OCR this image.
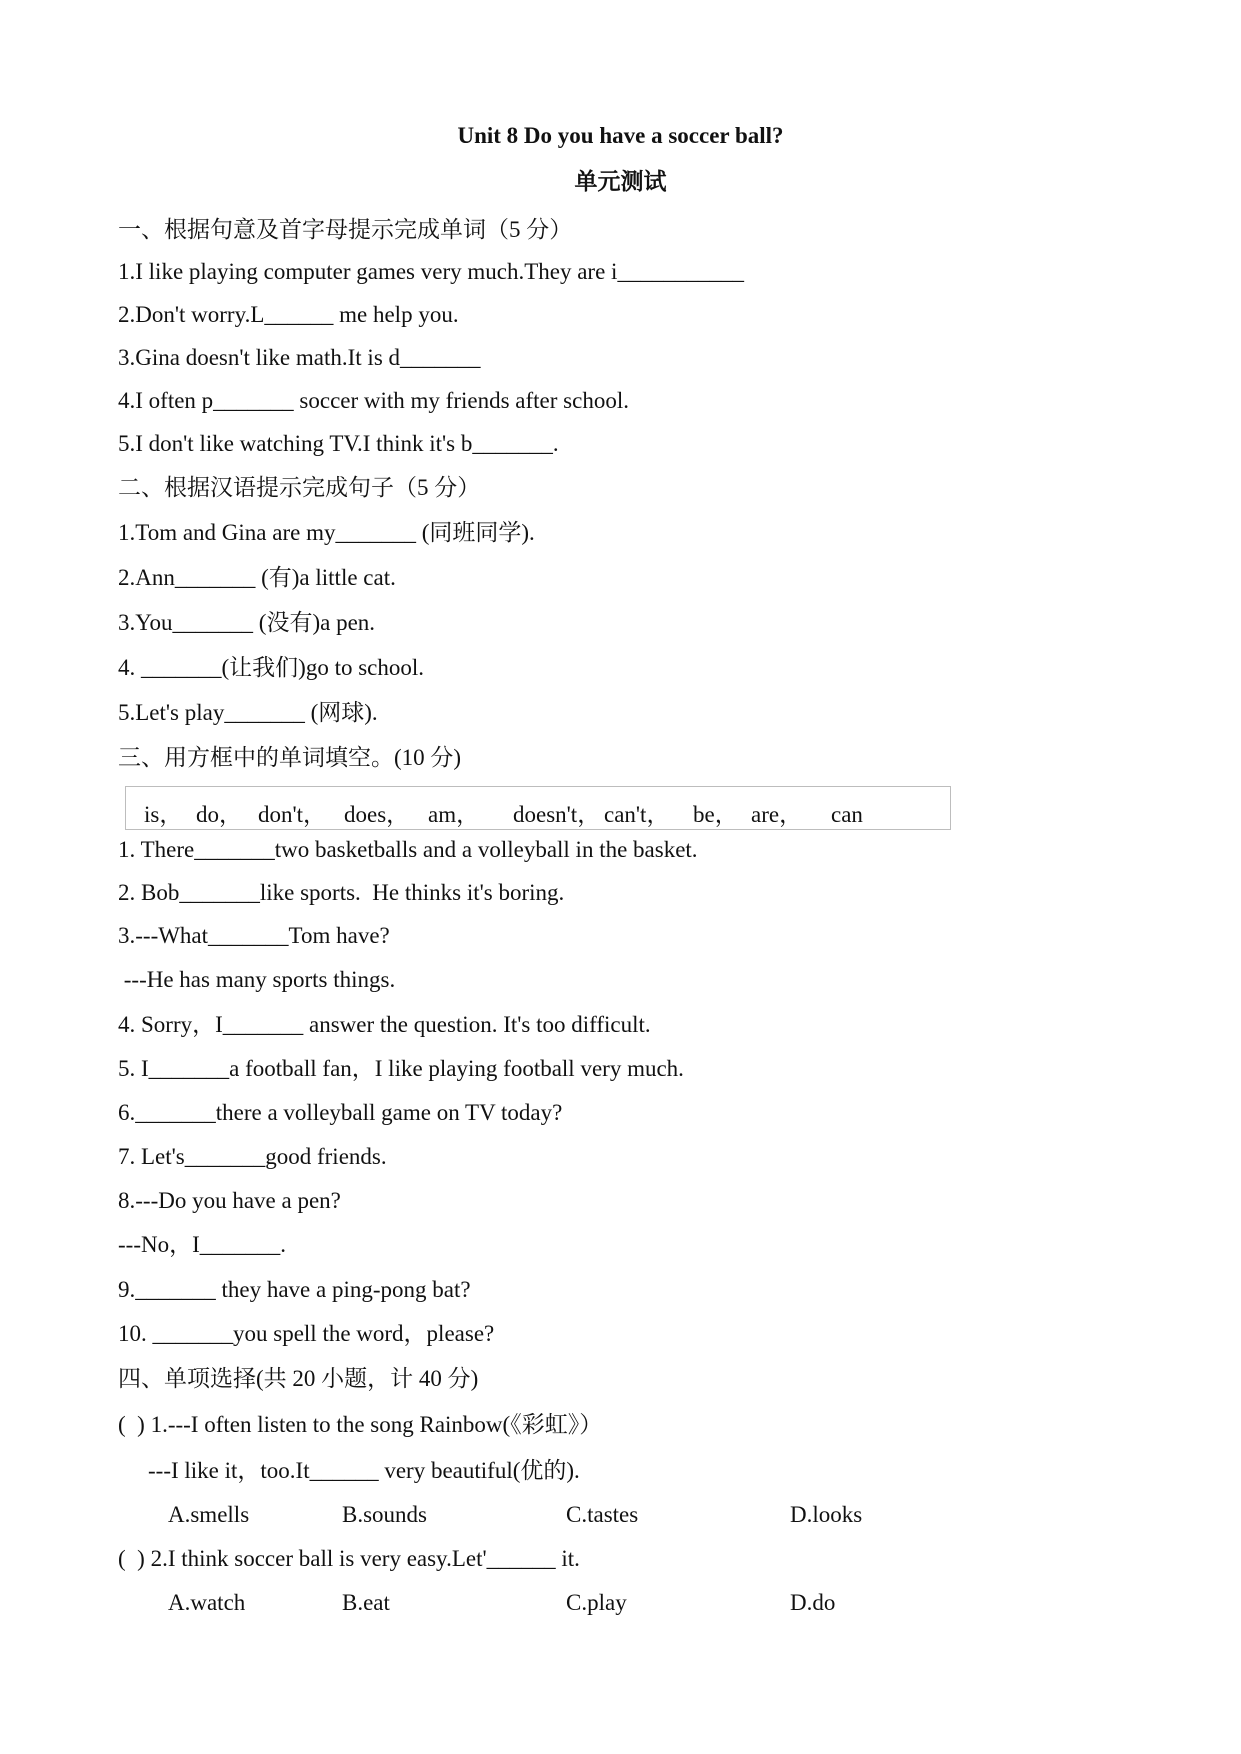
Unit 8 Do you have a soccer ball?
单元测试
一、根据句意及首字母提示完成单词（5 分）
1.I like playing computer games very much.They are i___________
2.Don't worry.L______ me help you.
3.Gina doesn't like math.It is d_______
4.I often p_______ soccer with my friends after school.
5.I don't like watching TV.I think it's b_______.
二、根据汉语提示完成句子（5 分）
1.Tom and Gina are my_______ (同班同学).
2.Ann_______ (有)a little cat.
3.You_______ (没有)a pen.
4. _______(让我们)go to school.
5.Let's play_______ (网球).
三、用方框中的单词填空。(10 分)
is， do， don't， does， am， doesn't， can't， be， are， can
1. There_______two basketballs and a volleyball in the basket.
2. Bob_______like sports.  He thinks it's boring.
3.---What_______Tom have?
---He has many sports things.
4. Sorry，I_______ answer the question. It's too difficult.
5. I_______a football fan，I like playing football very much.
6._______there a volleyball game on TV today?
7. Let's_______good friends.
8.---Do you have a pen?
---No，I_______.
9._______ they have a ping-pong bat?
10. _______you spell the word，please?
四、单项选择(共 20 小题，计 40 分)
(  ) 1.---I often listen to the song Rainbow(《彩虹》）
---I like it，too.It______ very beautiful(优的).
A.smells	B.sounds	C.tastes	D.looks
(  ) 2.I think soccer ball is very easy.Let'______ it.
A.watch	B.eat	C.play	D.do
